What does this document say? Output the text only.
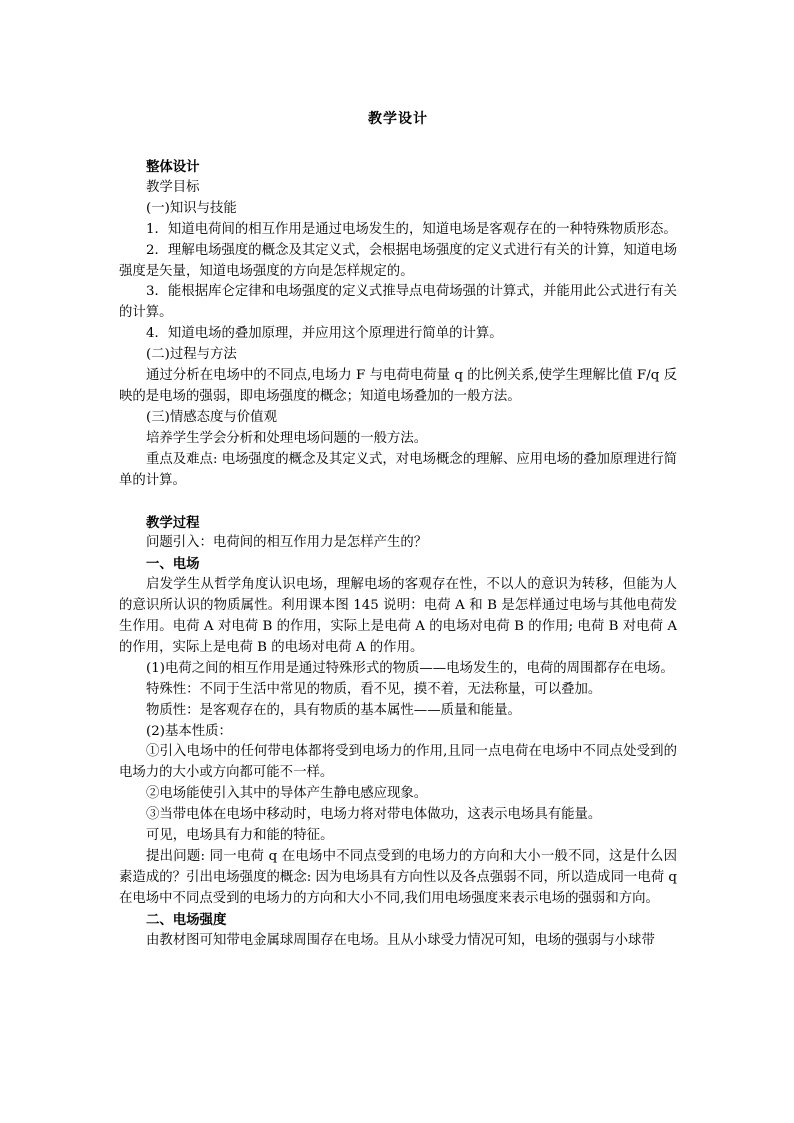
教学设计

整体设计

教学目标

(一)知识与技能

1．知道电荷间的相互作用是通过电场发生的，知道电场是客观存在的一种特殊物质形态。

2．理解电场强度的概念及其定义式，会根据电场强度的定义式进行有关的计算，知道电场强度是矢量，知道电场强度的方向是怎样规定的。

3．能根据库仑定律和电场强度的定义式推导点电荷场强的计算式，并能用此公式进行有关的计算。

4．知道电场的叠加原理，并应用这个原理进行简单的计算。

(二)过程与方法

通过分析在电场中的不同点,电场力 F 与电荷电荷量 q 的比例关系,使学生理解比值 F/q 反映的是电场的强弱，即电场强度的概念；知道电场叠加的一般方法。

(三)情感态度与价值观

培养学生学会分析和处理电场问题的一般方法。

重点及难点: 电场强度的概念及其定义式，对电场概念的理解、应用电场的叠加原理进行简单的计算。

教学过程

问题引入：电荷间的相互作用力是怎样产生的？

一、电场

启发学生从哲学角度认识电场，理解电场的客观存在性，不以人的意识为转移，但能为人的意识所认识的物质属性。利用课本图 145 说明：电荷 A 和 B 是怎样通过电场与其他电荷发生作用。电荷 A 对电荷 B 的作用，实际上是电荷 A 的电场对电荷 B 的作用; 电荷 B 对电荷 A 的作用，实际上是电荷 B 的电场对电荷 A 的作用。

(1)电荷之间的相互作用是通过特殊形式的物质——电场发生的，电荷的周围都存在电场。

特殊性：不同于生活中常见的物质，看不见，摸不着，无法称量，可以叠加。

物质性：是客观存在的，具有物质的基本属性——质量和能量。

(2)基本性质：

①引入电场中的任何带电体都将受到电场力的作用,且同一点电荷在电场中不同点处受到的电场力的大小或方向都可能不一样。

②电场能使引入其中的导体产生静电感应现象。

③当带电体在电场中移动时，电场力将对带电体做功，这表示电场具有能量。

可见，电场具有力和能的特征。

提出问题: 同一电荷 q 在电场中不同点受到的电场力的方向和大小一般不同，这是什么因素造成的？引出电场强度的概念: 因为电场具有方向性以及各点强弱不同，所以造成同一电荷 q 在电场中不同点受到的电场力的方向和大小不同,我们用电场强度来表示电场的强弱和方向。

二、电场强度

由教材图可知带电金属球周围存在电场。且从小球受力情况可知，电场的强弱与小球带
